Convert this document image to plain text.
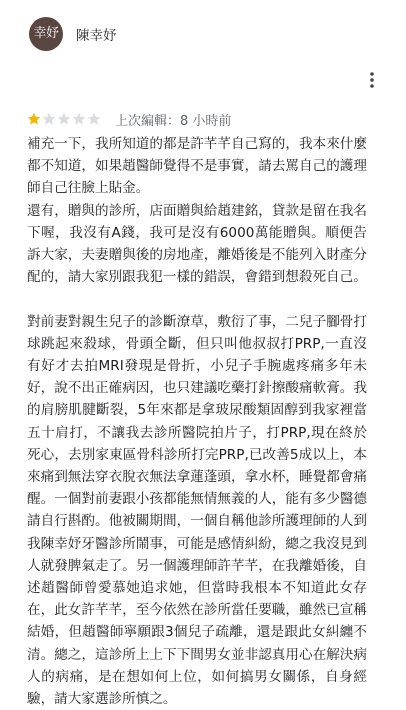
幸妤	陳幸妤
上次編輯：8 小時前
補充一下，我所知道的都是許芊芊自己寫的，我本來什麼都不知道，如果趙醫師覺得不是事實，請去罵自己的護理師自己往臉上貼金。
還有，贈與的診所，店面贈與給趙建銘，貸款是留在我名下喔，我沒有A錢，我可是沒有6000萬能贈與。順便告訴大家，夫妻贈與後的房地產，離婚後是不能列入財產分配的，請大家別跟我犯一樣的錯誤，會錯到想殺死自己。

對前妻對親生兒子的診斷潦草，敷衍了事，二兒子腳骨打球跳起來殺球，骨頭全斷，但只叫他叔叔打PRP,一直沒有好才去拍MRI發現是骨折，小兒子手腕處疼痛多年未好，說不出正確病因，也只建議吃藥打針擦酸痛軟膏。我的肩膀肌腱斷裂，5年來都是拿玻尿酸類固醇到我家裡當五十肩打，不讓我去診所醫院拍片子，打PRP,現在終於死心，去別家東區骨科診所打完PRP,已改善5成以上，本來痛到無法穿衣脫衣無法拿蓮蓬頭，拿水杯，睡覺都會痛醒。一個對前妻跟小孩都能無情無義的人，能有多少醫德請自行斟酌。他被關期間，一個自稱他診所護理師的人到我陳幸妤牙醫診所鬧事，可能是感情糾紛，總之我沒見到人就發脾氣走了。另一個護理師許芊芊，在我離婚後，自述趙醫師曾愛慕她追求她，但當時我根本不知道此女存在，此女許芊芊，至今依然在診所當任要職，雖然已宣稱結婚，但趙醫師寧願跟3個兒子疏離，還是跟此女糾纏不清。總之，這診所上上下下間男女並非認真用心在解決病人的病痛，是在想如何上位，如何搞男女關係，自身經驗，請大家選診所慎之。
